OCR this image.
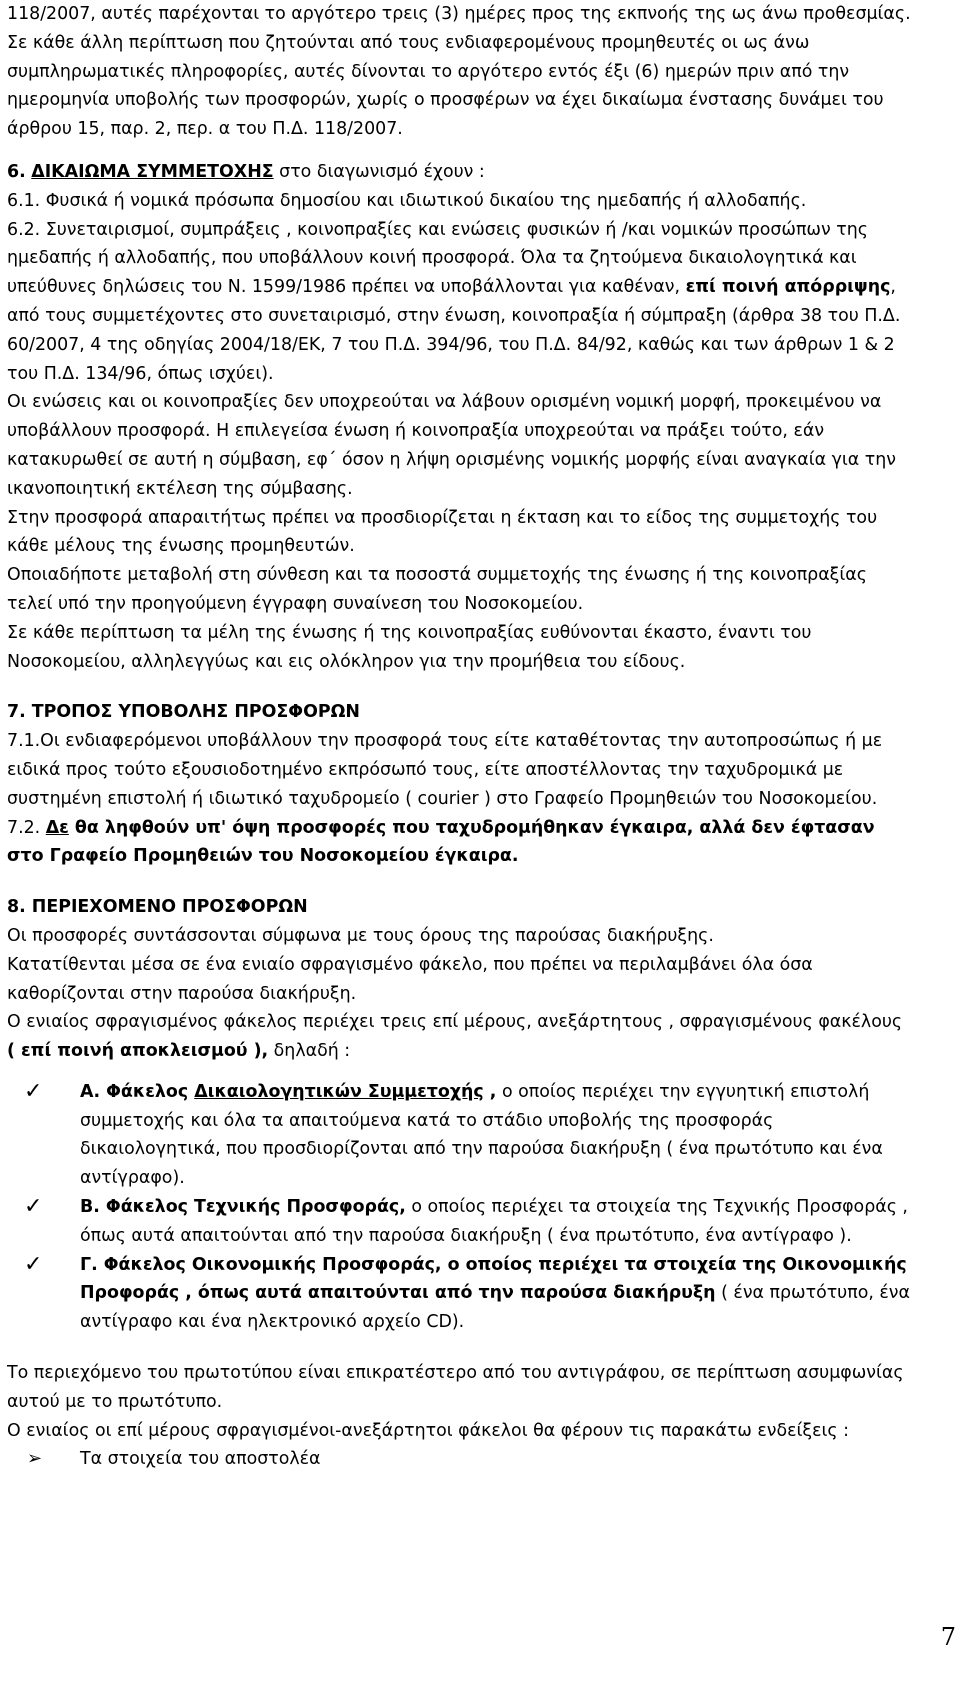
118/2007, αυτές παρέχονται το αργότερο τρεις (3) ημέρες προς της εκπνοής της ως άνω προθεσμίας.

Σε κάθε άλλη περίπτωση που ζητούνται από τους ενδιαφερομένους προμηθευτές οι ως άνω συμπληρωματικές πληροφορίες, αυτές δίνονται το αργότερο εντός έξι (6) ημερών πριν από την ημερομηνία υποβολής των προσφορών, χωρίς ο προσφέρων να έχει δικαίωμα ένστασης δυνάμει του άρθρου 15, παρ. 2, περ. α του Π.Δ. 118/2007.

6. ΔΙΚΑΙΩΜΑ ΣΥΜΜΕΤΟΧΗΣ στο διαγωνισμό έχουν :

6.1. Φυσικά ή νομικά πρόσωπα δημοσίου και ιδιωτικού δικαίου της ημεδαπής ή αλλοδαπής.

6.2. Συνεταιρισμοί, συμπράξεις , κοινοπραξίες και ενώσεις φυσικών ή /και νομικών προσώπων της ημεδαπής ή αλλοδαπής, που υποβάλλουν κοινή προσφορά. Όλα τα ζητούμενα δικαιολογητικά και υπεύθυνες δηλώσεις του Ν. 1599/1986 πρέπει να υποβάλλονται για καθέναν, επί ποινή απόρριψης, από τους συμμετέχοντες στο συνεταιρισμό, στην ένωση, κοινοπραξία ή σύμπραξη (άρθρα 38 του Π.Δ. 60/2007, 4 της οδηγίας 2004/18/ΕΚ, 7 του Π.Δ. 394/96, του Π.Δ. 84/92, καθώς και των άρθρων 1 & 2 του Π.Δ. 134/96, όπως ισχύει).

Οι ενώσεις και οι κοινοπραξίες δεν υποχρεούται να λάβουν ορισμένη νομική μορφή, προκειμένου να υποβάλλουν προσφορά. Η επιλεγείσα ένωση ή κοινοπραξία υποχρεούται να πράξει τούτο, εάν κατακυρωθεί σε αυτή η σύμβαση, εφ΄ όσον η λήψη ορισμένης νομικής μορφής είναι αναγκαία για την ικανοποιητική εκτέλεση της σύμβασης.

Στην προσφορά απαραιτήτως πρέπει να προσδιορίζεται η έκταση και το είδος της συμμετοχής του κάθε μέλους της ένωσης προμηθευτών.

Οποιαδήποτε μεταβολή στη σύνθεση και τα ποσοστά συμμετοχής της ένωσης ή της κοινοπραξίας τελεί υπό την προηγούμενη έγγραφη συναίνεση του Νοσοκομείου.

Σε κάθε περίπτωση τα μέλη της ένωσης ή της κοινοπραξίας ευθύνονται έκαστο, έναντι του Νοσοκομείου, αλληλεγγύως και εις ολόκληρον για την προμήθεια του είδους.

7. ΤΡΟΠΟΣ ΥΠΟΒΟΛΗΣ ΠΡΟΣΦΟΡΩΝ

7.1.Οι ενδιαφερόμενοι υποβάλλουν την προσφορά τους είτε καταθέτοντας την αυτοπροσώπως ή με ειδικά προς τούτο εξουσιοδοτημένο εκπρόσωπό τους, είτε αποστέλλοντας την ταχυδρομικά με συστημένη επιστολή ή ιδιωτικό ταχυδρομείο ( courier ) στο Γραφείο Προμηθειών του Νοσοκομείου.

7.2. Δε θα ληφθούν υπ' όψη προσφορές που ταχυδρομήθηκαν έγκαιρα, αλλά δεν έφτασαν στο Γραφείο Προμηθειών του Νοσοκομείου έγκαιρα.

8. ΠΕΡΙΕΧΟΜΕΝΟ ΠΡΟΣΦΟΡΩΝ

Οι προσφορές συντάσσονται σύμφωνα με τους όρους της παρούσας διακήρυξης.

Κατατίθενται μέσα σε ένα ενιαίο σφραγισμένο φάκελο, που πρέπει να περιλαμβάνει όλα όσα καθορίζονται στην παρούσα διακήρυξη.

Ο ενιαίος σφραγισμένος φάκελος περιέχει τρεις επί μέρους, ανεξάρτητους , σφραγισμένους φακέλους ( επί ποινή αποκλεισμού ), δηλαδή :

✓ Α. Φάκελος Δικαιολογητικών Συμμετοχής , ο οποίος περιέχει την εγγυητική επιστολή συμμετοχής και όλα τα απαιτούμενα κατά το στάδιο υποβολής της προσφοράς δικαιολογητικά, που προσδιορίζονται από την παρούσα διακήρυξη ( ένα πρωτότυπο και ένα αντίγραφο).
✓ Β. Φάκελος Τεχνικής Προσφοράς, ο οποίος περιέχει τα στοιχεία της Τεχνικής Προσφοράς , όπως αυτά απαιτούνται από την παρούσα διακήρυξη ( ένα πρωτότυπο, ένα αντίγραφο ).
✓ Γ. Φάκελος Οικονομικής Προσφοράς, ο οποίος περιέχει τα στοιχεία της Οικονομικής Προφοράς , όπως αυτά απαιτούνται από την παρούσα διακήρυξη ( ένα πρωτότυπο, ένα αντίγραφο και ένα ηλεκτρονικό αρχείο CD).

Το περιεχόμενο του πρωτοτύπου είναι επικρατέστερο από του αντιγράφου, σε περίπτωση ασυμφωνίας αυτού με το πρωτότυπο.

Ο ενιαίος οι επί μέρους σφραγισμένοι-ανεξάρτητοι φάκελοι θα φέρουν τις παρακάτω ενδείξεις :

➢ Τα στοιχεία του αποστολέα
7
